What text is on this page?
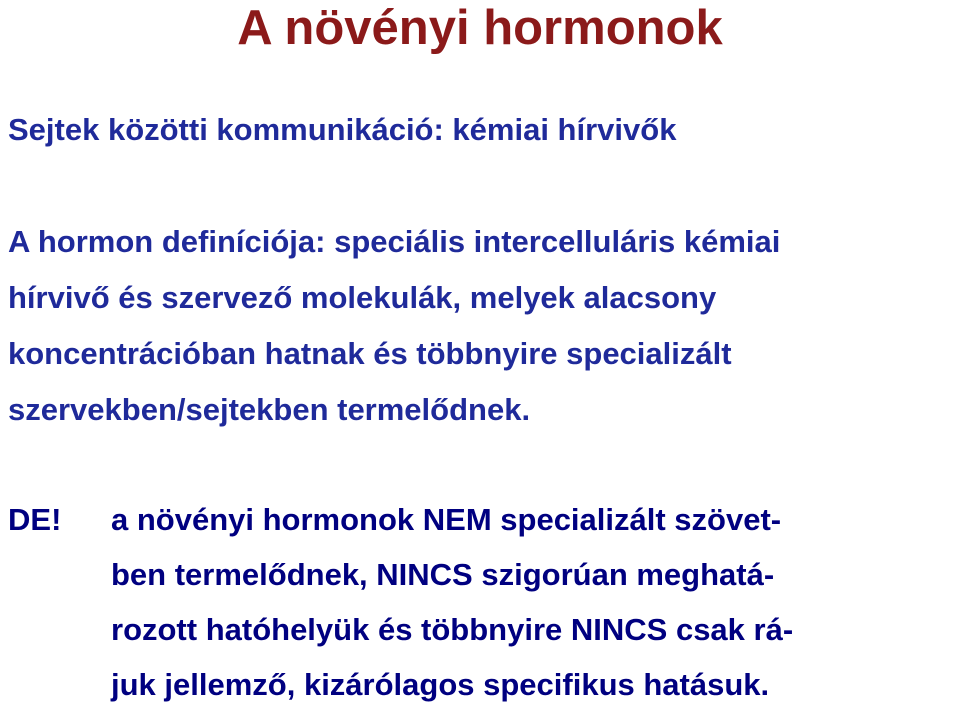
A növényi hormonok

Sejtek közötti kommunikáció: kémiai hírvivők

A hormon definíciója: speciális intercelluláris kémiai
hírvivő és szervező molekulák, melyek alacsony
koncentrációban hatnak és többnyire specializált
szervekben/sejtekben termelődnek.
DE! a növényi hormonok NEM specializált szövet-
ben termelődnek, NINCS szigorúan meghatá-
rozott hatóhelyük és többnyire NINCS csak rá-
juk jellemző, kizárólagos specifikus hatásuk.
